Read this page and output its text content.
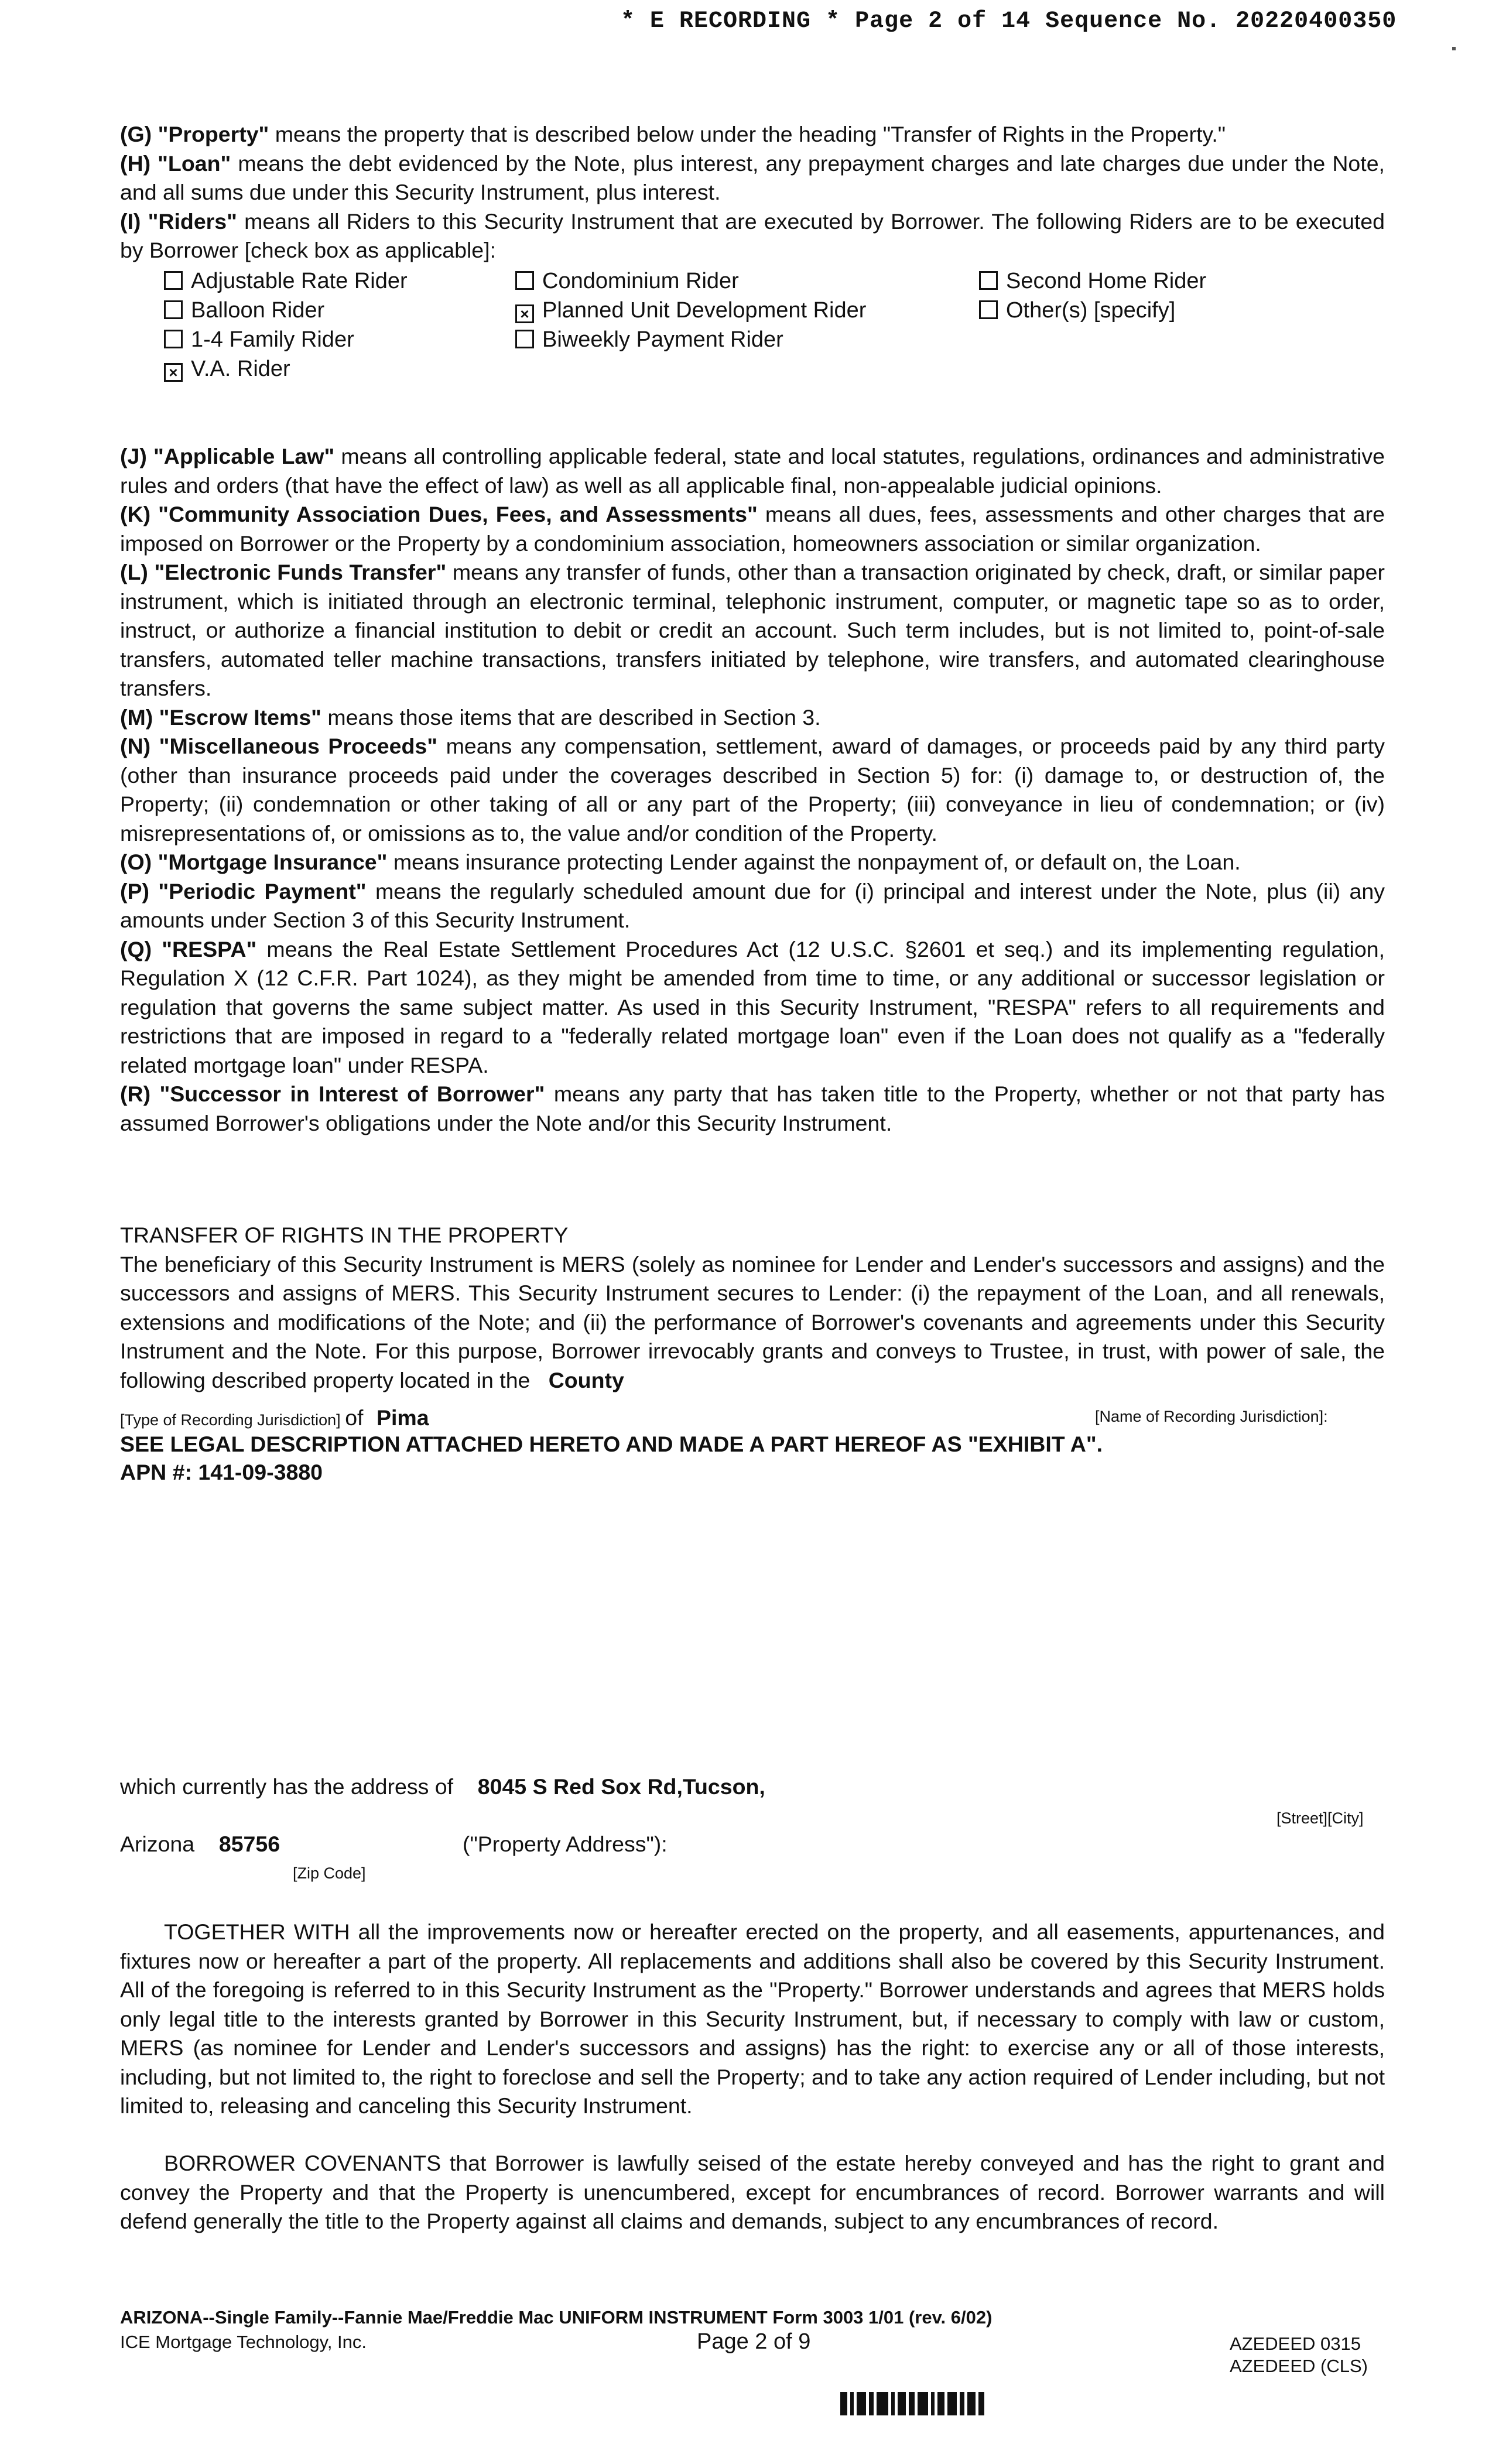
* E RECORDING * Page 2 of 14 Sequence No. 20220400350

(G) "Property" means the property that is described below under the heading "Transfer of Rights in the Property."

(H) "Loan" means the debt evidenced by the Note, plus interest, any prepayment charges and late charges due under the Note, and all sums due under this Security Instrument, plus interest.

(I) "Riders" means all Riders to this Security Instrument that are executed by Borrower. The following Riders are to be executed by Borrower [check box as applicable]:

Adjustable Rate Rider	Condominium Rider	Second Home Rider
Balloon Rider	× Planned Unit Development Rider	Other(s) [specify]
1-4 Family Rider	Biweekly Payment Rider
× V.A. Rider

(J) "Applicable Law" means all controlling applicable federal, state and local statutes, regulations, ordinances and administrative rules and orders (that have the effect of law) as well as all applicable final, non-appealable judicial opinions.

(K) "Community Association Dues, Fees, and Assessments" means all dues, fees, assessments and other charges that are imposed on Borrower or the Property by a condominium association, homeowners association or similar organization.

(L) "Electronic Funds Transfer" means any transfer of funds, other than a transaction originated by check, draft, or similar paper instrument, which is initiated through an electronic terminal, telephonic instrument, computer, or magnetic tape so as to order, instruct, or authorize a financial institution to debit or credit an account. Such term includes, but is not limited to, point-of-sale transfers, automated teller machine transactions, transfers initiated by telephone, wire transfers, and automated clearinghouse transfers.

(M) "Escrow Items" means those items that are described in Section 3.

(N) "Miscellaneous Proceeds" means any compensation, settlement, award of damages, or proceeds paid by any third party (other than insurance proceeds paid under the coverages described in Section 5) for: (i) damage to, or destruction of, the Property; (ii) condemnation or other taking of all or any part of the Property; (iii) conveyance in lieu of condemnation; or (iv) misrepresentations of, or omissions as to, the value and/or condition of the Property.

(O) "Mortgage Insurance" means insurance protecting Lender against the nonpayment of, or default on, the Loan.

(P) "Periodic Payment" means the regularly scheduled amount due for (i) principal and interest under the Note, plus (ii) any amounts under Section 3 of this Security Instrument.

(Q) "RESPA" means the Real Estate Settlement Procedures Act (12 U.S.C. §2601 et seq.) and its implementing regulation, Regulation X (12 C.F.R. Part 1024), as they might be amended from time to time, or any additional or successor legislation or regulation that governs the same subject matter. As used in this Security Instrument, "RESPA" refers to all requirements and restrictions that are imposed in regard to a "federally related mortgage loan" even if the Loan does not qualify as a "federally related mortgage loan" under RESPA.

(R) "Successor in Interest of Borrower" means any party that has taken title to the Property, whether or not that party has assumed Borrower's obligations under the Note and/or this Security Instrument.

TRANSFER OF RIGHTS IN THE PROPERTY

The beneficiary of this Security Instrument is MERS (solely as nominee for Lender and Lender's successors and assigns) and the successors and assigns of MERS. This Security Instrument secures to Lender: (i) the repayment of the Loan, and all renewals, extensions and modifications of the Note; and (ii) the performance of Borrower's covenants and agreements under this Security Instrument and the Note. For this purpose, Borrower irrevocably grants and conveys to Trustee, in trust, with power of sale, the following described property located in the County

[Type of Recording Jurisdiction] of Pima	[Name of Recording Jurisdiction]:
SEE LEGAL DESCRIPTION ATTACHED HERETO AND MADE A PART HEREOF AS "EXHIBIT A".
APN #: 141-09-3880
which currently has the address of 8045 S Red Sox Rd,Tucson,
[Street][City]
Arizona 85756	("Property Address"):
[Zip Code]

TOGETHER WITH all the improvements now or hereafter erected on the property, and all easements, appurtenances, and fixtures now or hereafter a part of the property. All replacements and additions shall also be covered by this Security Instrument. All of the foregoing is referred to in this Security Instrument as the "Property." Borrower understands and agrees that MERS holds only legal title to the interests granted by Borrower in this Security Instrument, but, if necessary to comply with law or custom, MERS (as nominee for Lender and Lender's successors and assigns) has the right: to exercise any or all of those interests, including, but not limited to, the right to foreclose and sell the Property; and to take any action required of Lender including, but not limited to, releasing and canceling this Security Instrument.

BORROWER COVENANTS that Borrower is lawfully seised of the estate hereby conveyed and has the right to grant and convey the Property and that the Property is unencumbered, except for encumbrances of record. Borrower warrants and will defend generally the title to the Property against all claims and demands, subject to any encumbrances of record.

ARIZONA--Single Family--Fannie Mae/Freddie Mac UNIFORM INSTRUMENT Form 3003 1/01 (rev. 6/02)
ICE Mortgage Technology, Inc.	Page 2 of 9	AZEDEED 0315
AZEDEED (CLS)
